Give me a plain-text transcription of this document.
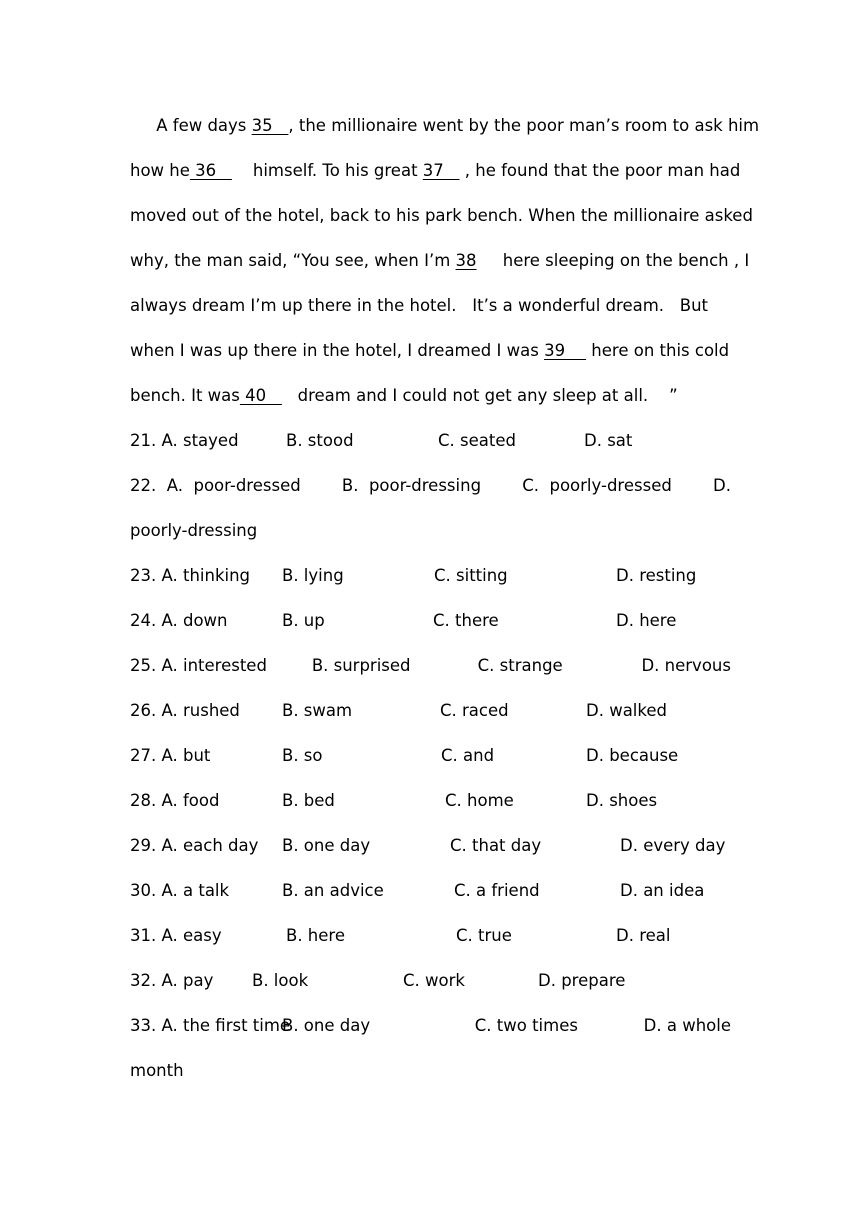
A few days 35   , the millionaire went by the poor man’s room to ask him
how he 36       himself. To his great 37    , he found that the poor man had
moved out of the hotel, back to his park bench. When the millionaire asked
why, the man said, “You see, when I’m 38     here sleeping on the bench , I
always dream I’m up there in the hotel.   It’s a wonderful dream.   But
when I was up there in the hotel, I dreamed I was 39     here on this cold
bench. It was 40      dream and I could not get any sleep at all.    ”
21. A. stayed	B. stood	C. seated	D. sat
22. A.  poor-dressed B.  poor-dressing C.  poorly-dressed D.
poorly-dressing
23. A. thinking	B. lying	C. sitting	D. resting
24. A. down	B. up	C. there	D. here
25. A. interested	B. surprised	C. strange	D. nervous
26. A. rushed	B. swam	C. raced	D. walked
27. A. but	B. so	C. and	D. because
28. A. food	B. bed	C. home	D. shoes
29. A. each day	B. one day	C. that day	D. every day
30. A. a talk	B. an advice	C. a friend	D. an idea
31. A. easy	B. here	C. true	D. real
32. A. pay	B. look	C. work	D. prepare
33. A. the first time
B. one day	C. two times	D. a whole
month
